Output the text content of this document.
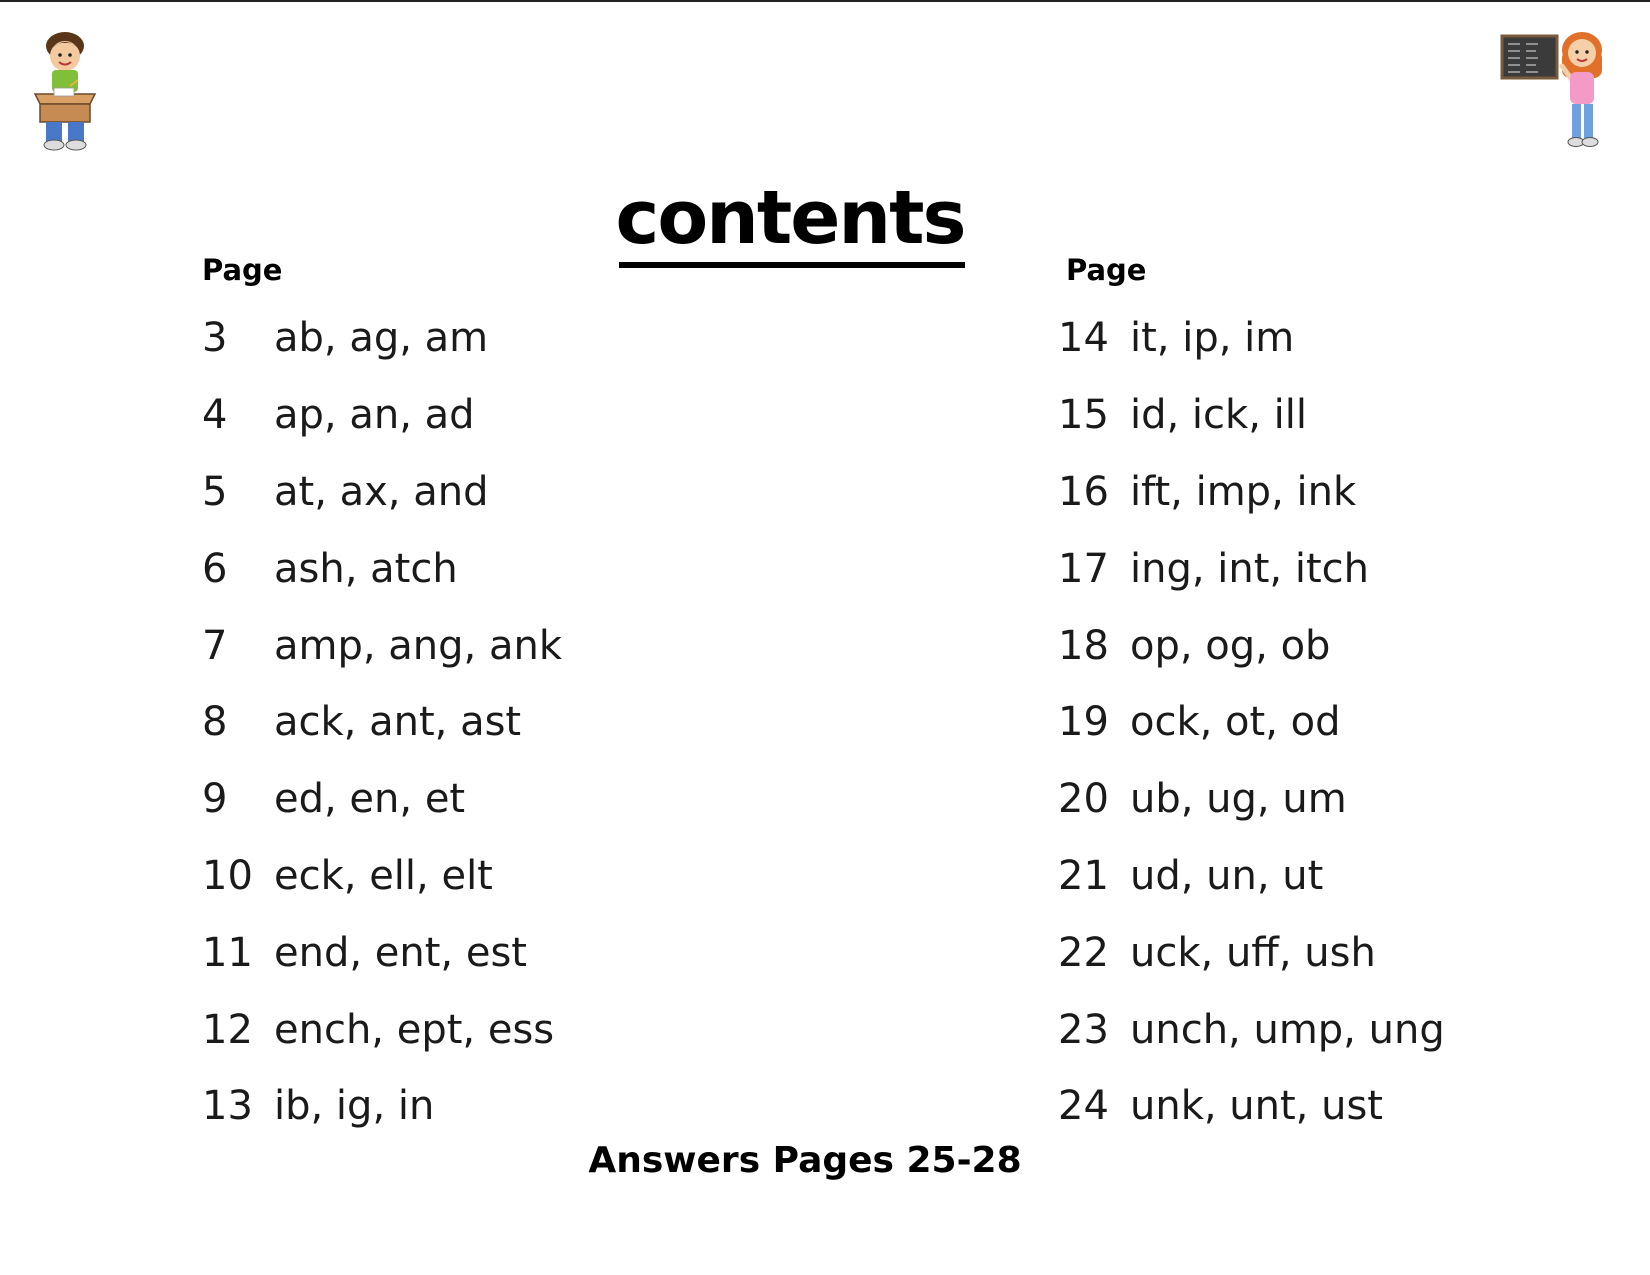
contents
Page	Page
3	ab, ag, am
4	ap, an, ad
5	at, ax, and
6	ash, atch
7	amp, ang, ank
8	ack, ant, ast
9	ed, en, et
10 eck, ell, elt
11 end, ent, est
12 ench, ept, ess
13 ib, ig, in
14 it, ip, im
15 id, ick, ill
16 ift, imp, ink
17 ing, int, itch
18 op, og, ob
19 ock, ot, od
20 ub, ug, um
21 ud, un, ut
22 uck, uff, ush
23 unch, ump, ung
24 unk, unt, ust
Answers Pages 25-28
